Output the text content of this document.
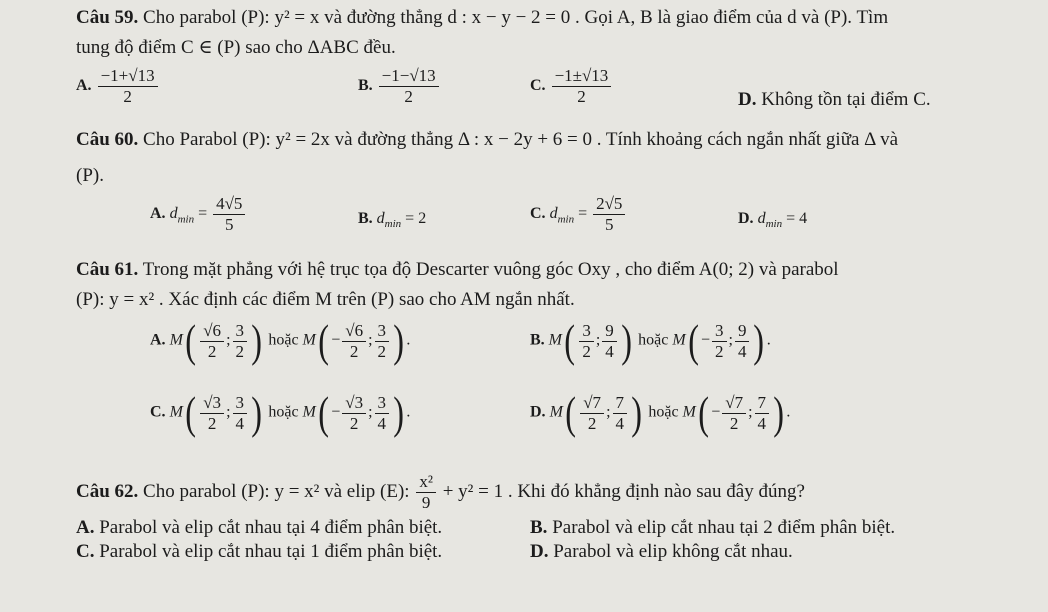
Câu 59. Cho parabol (P): y² = x và đường thẳng d : x − y − 2 = 0 . Gọi A, B là giao điểm của d và (P). Tìm
tung độ điểm C ∈ (P) sao cho ΔABC đều.
A. $\frac{-1+√13}{2}$	B. $\frac{-1-√13}{2}$	C. $\frac{-1\pm√13}{2}$	D. Không tồn tại điểm C.
Câu 60. Cho Parabol (P): y² = 2x và đường thẳng Δ : x − 2y + 6 = 0 . Tính khoảng cách ngắn nhất giữa Δ và
(P).
A. $d_{min} = \frac{4√5}{5}$	B. $d_{min} = 2$	C. $d_{min} = \frac{2√5}{5}$	D. $d_{min} = 4$
Câu 61. Trong mặt phẳng với hệ trục tọa độ Descarter vuông góc Oxy , cho điểm A(0; 2) và parabol
(P): y = x² . Xác định các điểm M trên (P) sao cho AM ngắn nhất.
A. $M( \frac{√6}{2}$ ; $\frac{3}{2}$ ) hoặc $M( - \frac{√6}{2}$ ; $\frac{3}{2}$ ) .	B. $M( \frac{3}{2}$ ; $\frac{9}{4}$ ) hoặc $M( - \frac{3}{2}$ ; $\frac{9}{4}$ ) .
C. $M( \frac{√3}{2}$ ; $\frac{3}{4}$ ) hoặc $M( - \frac{√3}{2}$ ; $\frac{3}{4}$ ) .	D. $M( \frac{√7}{2}$ ; $\frac{7}{4}$ ) hoặc $M( - \frac{√7}{2}$ ; $\frac{7}{4}$ ) .
Câu 62. Cho parabol (P): y = x² và elip (E): $\frac{\text{x²}}{9} + y^2 = 1$ . Khi đó khẳng định nào sau đây đúng?
A. Parabol và elip cắt nhau tại 4 điểm phân biệt.	B. Parabol và elip cắt nhau tại 2 điểm phân biệt.
C. Parabol và elip cắt nhau tại 1 điểm phân biệt.	D. Parabol và elip không cắt nhau.
